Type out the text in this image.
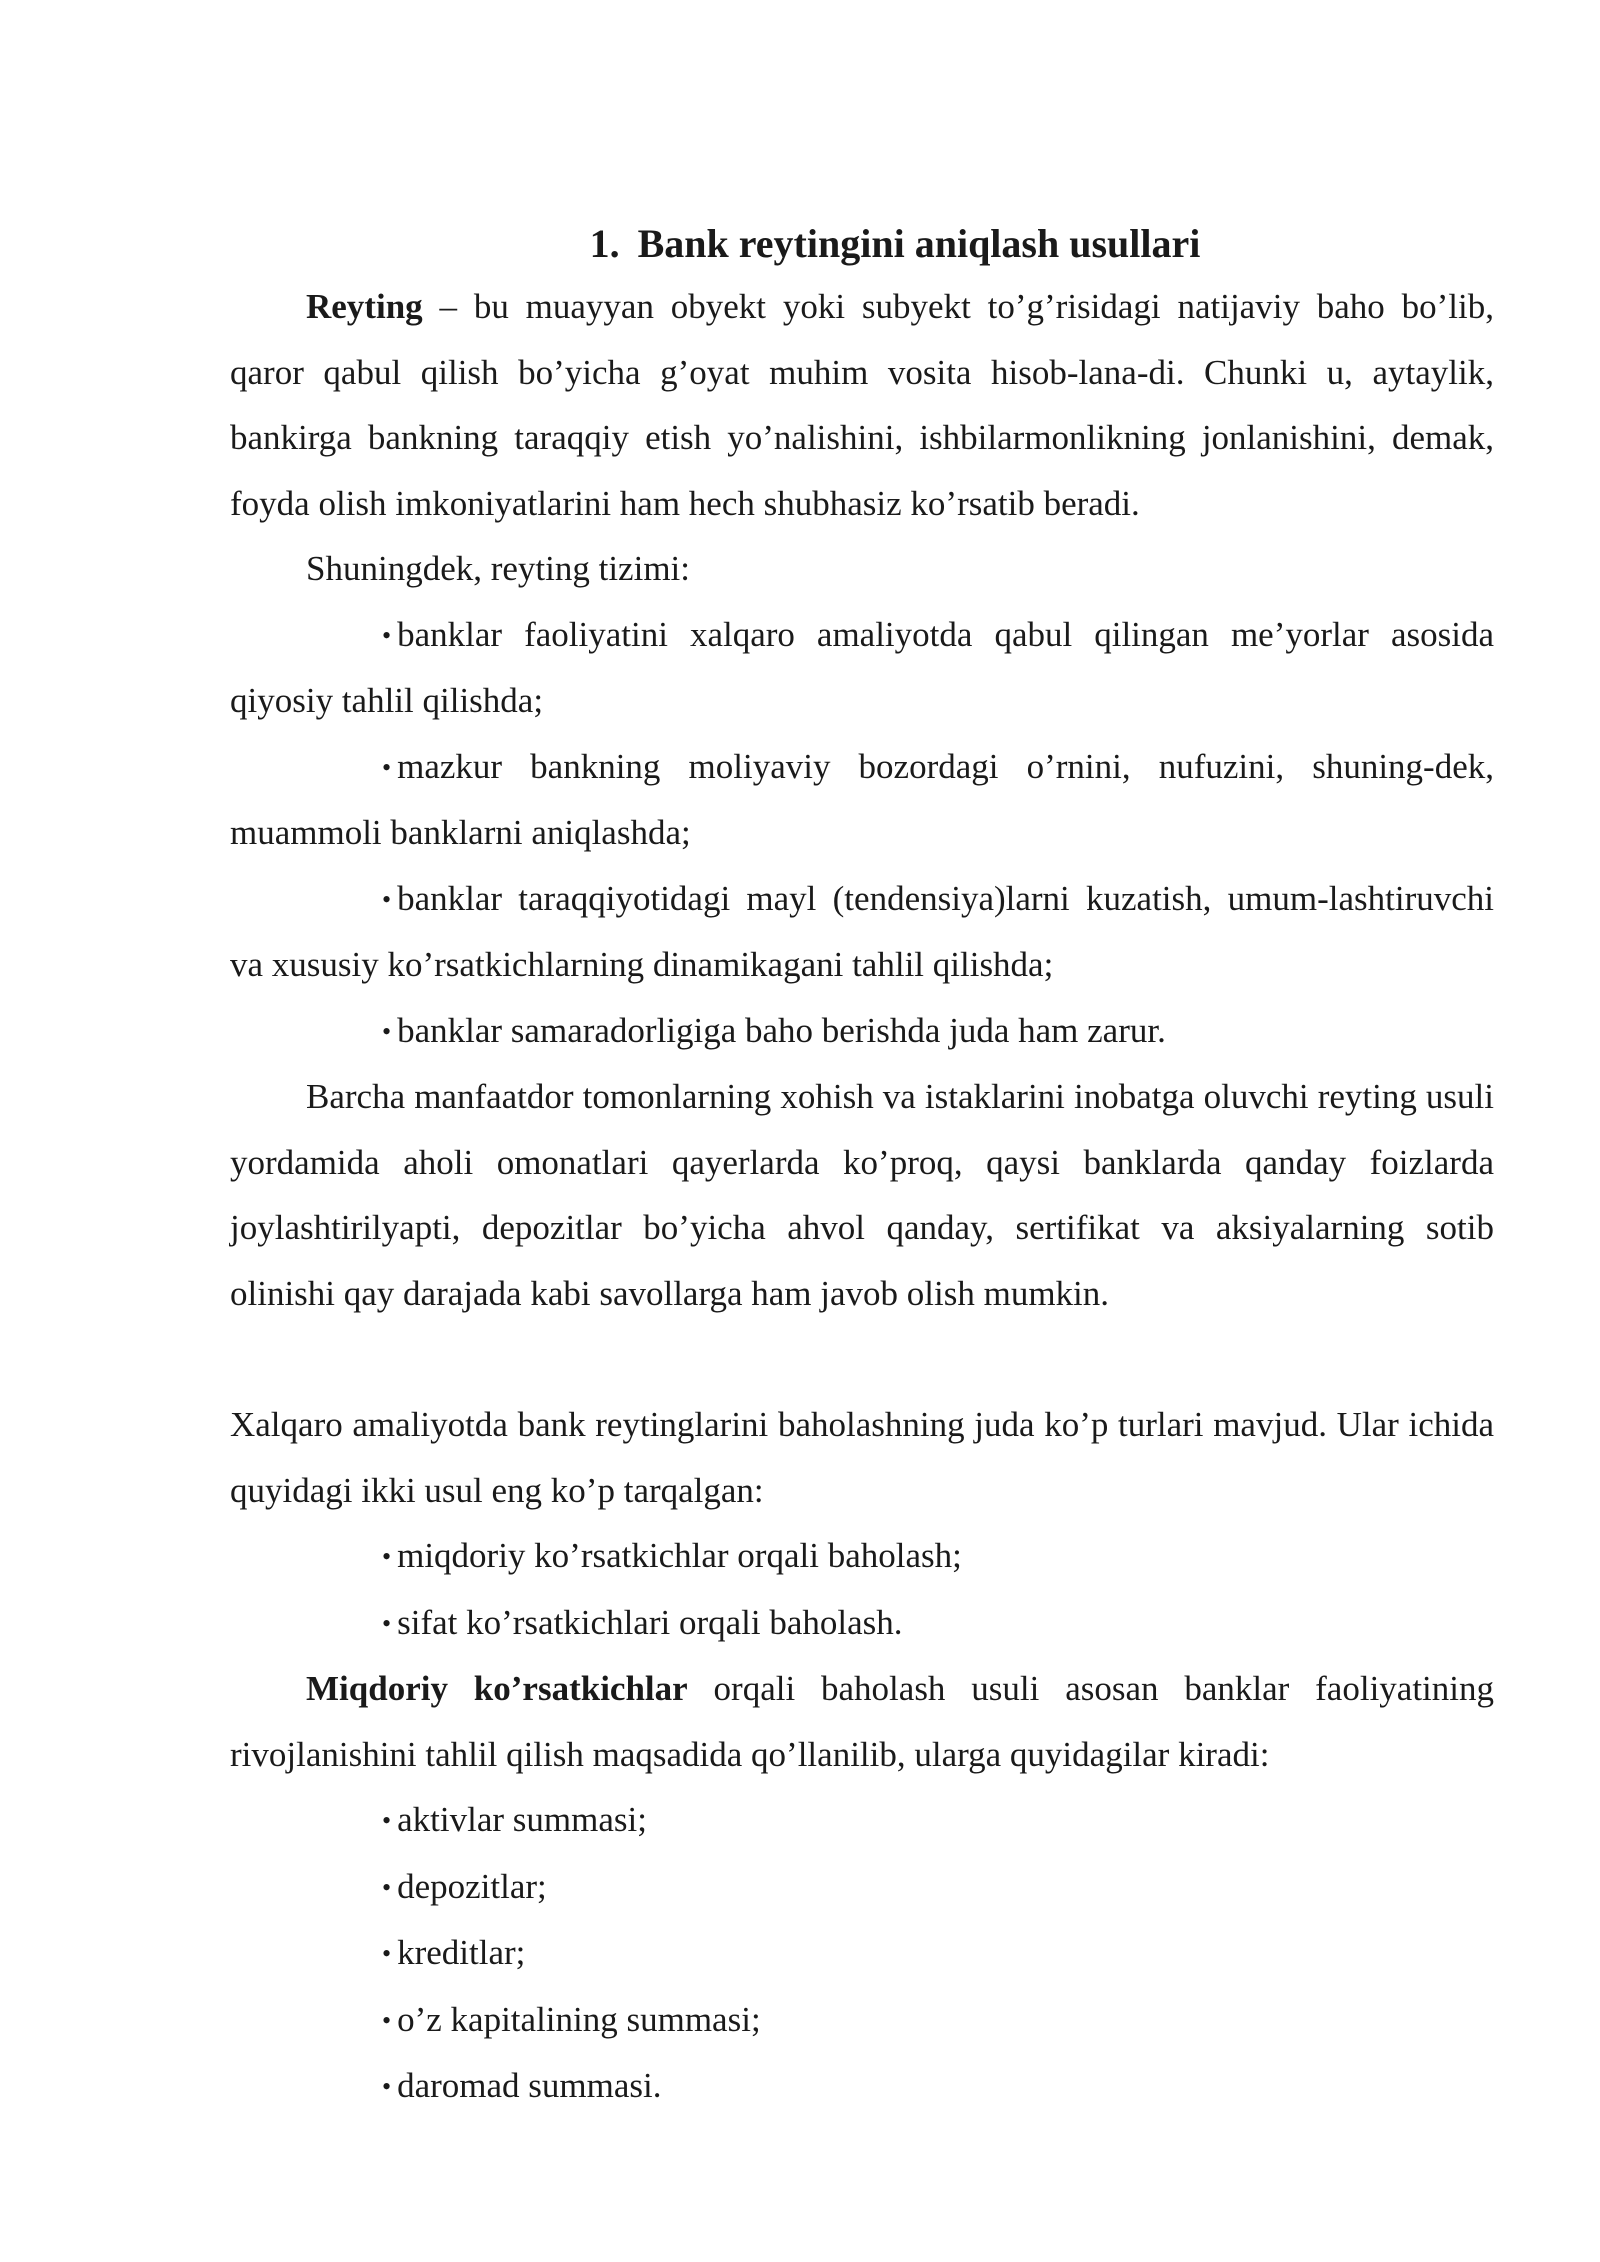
1. Bank reytingini aniqlash usullari

Reyting – bu muayyan obyekt yoki subyekt to’g’risidagi natijaviy baho bo’lib, qaror qabul qilish bo’yicha g’oyat muhim vosita hisob-lana-di. Chunki u, aytaylik, bankirga bankning taraqqiy etish yo’nalishini, ishbilarmonlikning jonlanishini, demak, foyda olish imkoniyatlarini ham hech shubhasiz ko’rsatib beradi.

Shuningdek, reyting tizimi:

• banklar faoliyatini xalqaro amaliyotda qabul qilingan me’yorlar asosida qiyosiy tahlil qilishda;

• mazkur bankning moliyaviy bozordagi o’rnini, nufuzini, shuning-dek, muammoli banklarni aniqlashda;

• banklar taraqqiyotidagi mayl (tendensiya)larni kuzatish, umum-lashtiruvchi va xususiy ko’rsatkichlarning dinamikagani tahlil qilishda;

• banklar samaradorligiga baho berishda juda ham zarur.

Barcha manfaatdor tomonlarning xohish va istaklarini inobatga oluvchi reyting usuli yordamida aholi omonatlari qayerlarda ko’proq, qaysi banklarda qanday foizlarda joylashtirilyapti, depozitlar bo’yicha ahvol qanday, sertifikat va aksiyalarning sotib olinishi qay darajada kabi savollarga ham javob olish mumkin.

Xalqaro amaliyotda bank reytinglarini baholashning juda ko’p turlari mavjud. Ular ichida quyidagi ikki usul eng ko’p tarqalgan:

• miqdoriy ko’rsatkichlar orqali baholash;

• sifat ko’rsatkichlari orqali baholash.

Miqdoriy ko’rsatkichlar orqali baholash usuli asosan banklar faoliyatining rivojlanishini tahlil qilish maqsadida qo’llanilib, ularga quyidagilar kiradi:

• aktivlar summasi;

• depozitlar;

• kreditlar;

• o’z kapitalining summasi;

• daromad summasi.
